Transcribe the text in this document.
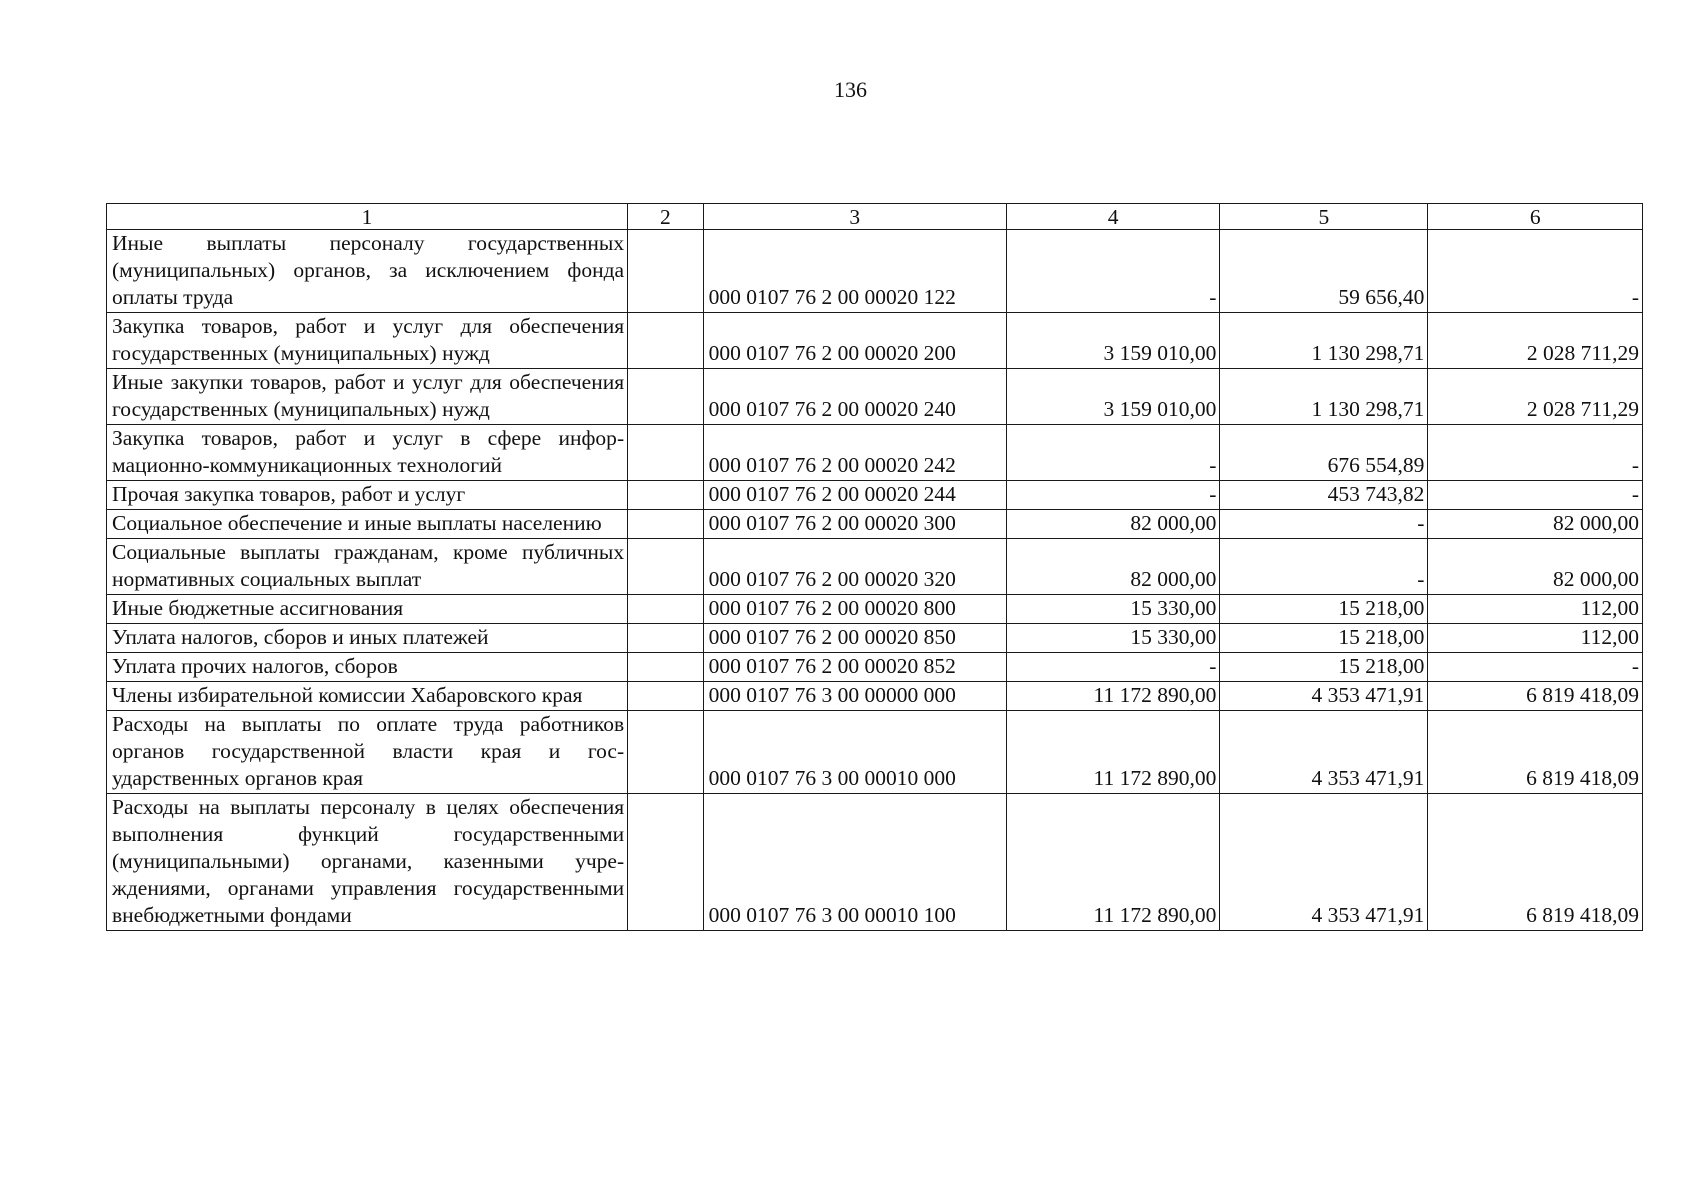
136
1	2	3	4	5	6
Иные выплаты персоналу государственных (муниципальных) органов, за исключением фонда оплаты труда		000 0107 76 2 00 00020 122	-	59 656,40	-
Закупка товаров, работ и услуг для обеспечения государственных (муниципальных) нужд		000 0107 76 2 00 00020 200	3 159 010,00	1 130 298,71	2 028 711,29
Иные закупки товаров, работ и услуг для обеспечения государственных (муниципальных) нужд		000 0107 76 2 00 00020 240	3 159 010,00	1 130 298,71	2 028 711,29
Закупка товаров, работ и услуг в сфере информационно-коммуникационных технологий		000 0107 76 2 00 00020 242	-	676 554,89	-
Прочая закупка товаров, работ и услуг		000 0107 76 2 00 00020 244	-	453 743,82	-
Социальное обеспечение и иные выплаты населению		000 0107 76 2 00 00020 300	82 000,00	-	82 000,00
Социальные выплаты гражданам, кроме публичных нормативных социальных выплат		000 0107 76 2 00 00020 320	82 000,00	-	82 000,00
Иные бюджетные ассигнования		000 0107 76 2 00 00020 800	15 330,00	15 218,00	112,00
Уплата налогов, сборов и иных платежей		000 0107 76 2 00 00020 850	15 330,00	15 218,00	112,00
Уплата прочих налогов, сборов		000 0107 76 2 00 00020 852	-	15 218,00	-
Члены избирательной комиссии Хабаровского края		000 0107 76 3 00 00000 000	11 172 890,00	4 353 471,91	6 819 418,09
Расходы на выплаты по оплате труда работников органов государственной власти края и государственных органов края		000 0107 76 3 00 00010 000	11 172 890,00	4 353 471,91	6 819 418,09
Расходы на выплаты персоналу в целях обеспечения выполнения функций государственными (муниципальными) органами, казенными учреждениями, органами управления государственными внебюджетными фондами		000 0107 76 3 00 00010 100	11 172 890,00	4 353 471,91	6 819 418,09
